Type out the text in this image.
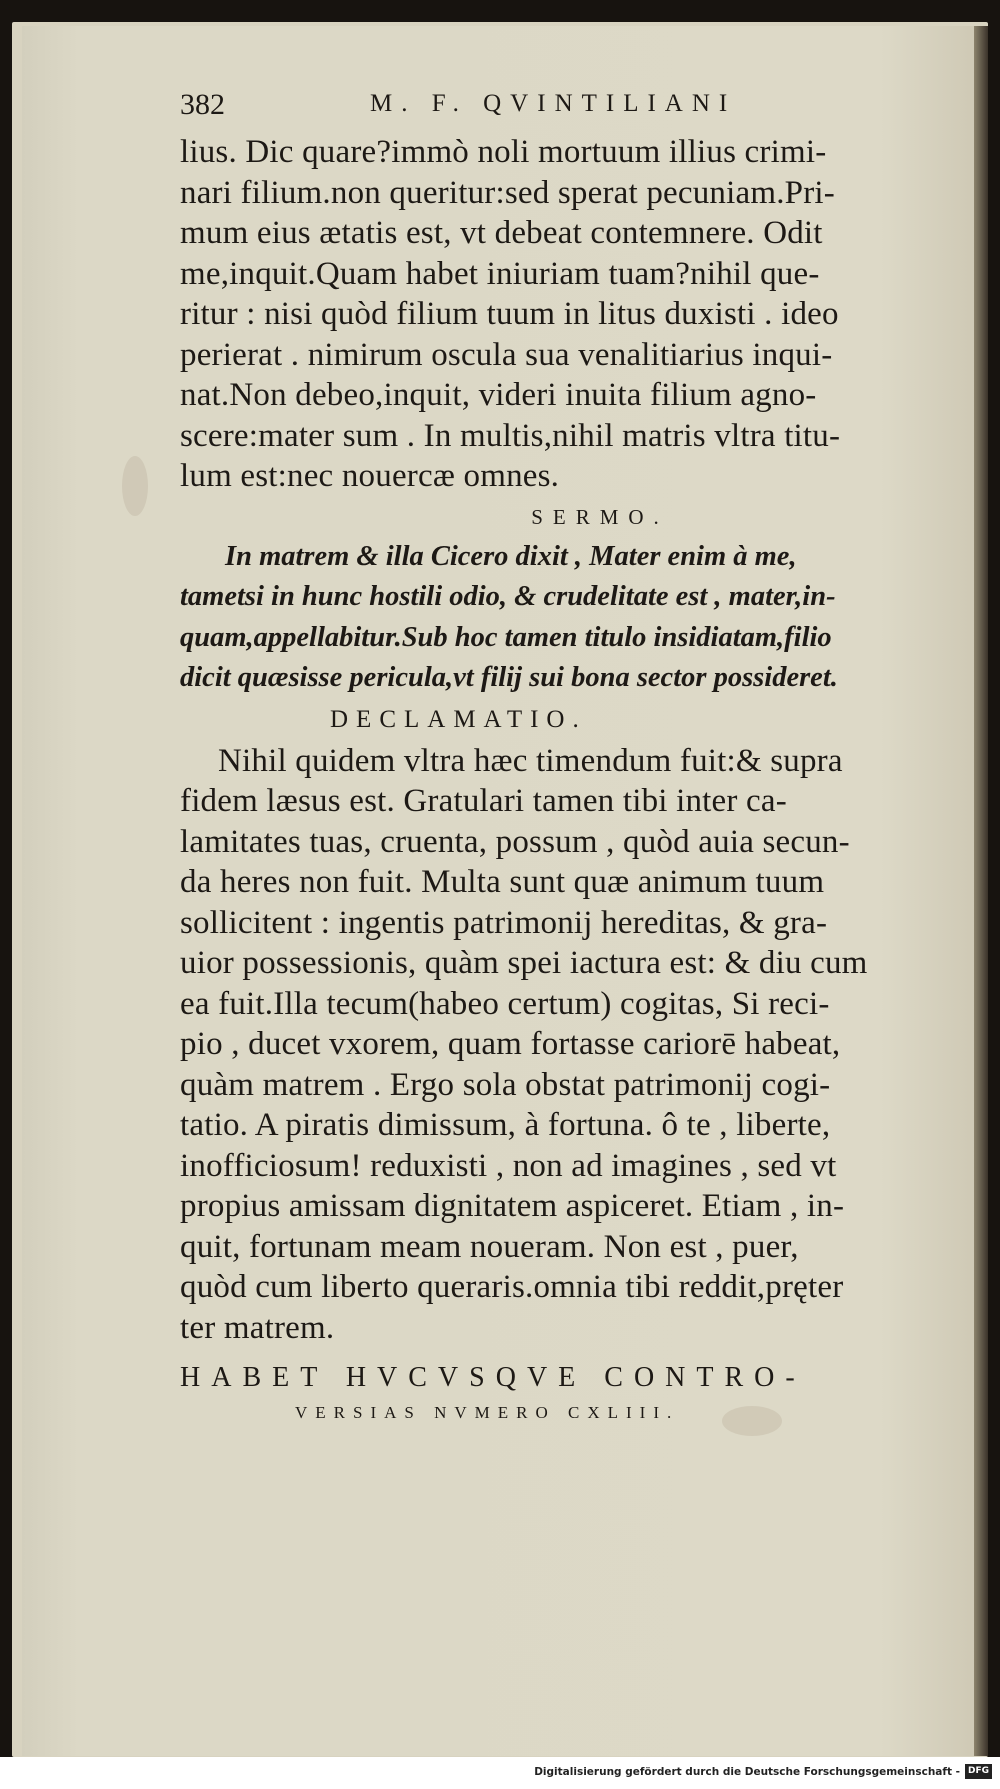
382	M. F. QVINTILIANI
lius. Dic quare?immò noli mortuum illius crimi-
nari filium.non queritur:sed sperat pecuniam.Pri-
mum eius ætatis est, vt debeat contemnere. Odit
me,inquit.Quam habet iniuriam tuam?nihil que-
ritur : nisi quòd filium tuum in litus duxisti . ideo
perierat . nimirum oscula sua venalitiarius inqui-
nat.Non debeo,inquit, videri inuita filium agno-
scere:mater sum . In multis,nihil matris vltra titu-
lum est:nec nouercæ omnes.
SERMO.
In matrem & illa Cicero dixit , Mater enim à me,
tametsi in hunc hostili odio, & crudelitate est , mater,in-
quam,appellabitur.Sub hoc tamen titulo insidiatam,filio
dicit quæsisse pericula,vt filij sui bona sector possideret.
DECLAMATIO.
Nihil quidem vltra hæc timendum fuit:& supra
fidem læsus est. Gratulari tamen tibi inter ca-
lamitates tuas, cruenta, possum , quòd auia secun-
da heres non fuit. Multa sunt quæ animum tuum
sollicitent : ingentis patrimonij hereditas, & gra-
uior possessionis, quàm spei iactura est: & diu cum
ea fuit.Illa tecum(habeo certum) cogitas, Si reci-
pio , ducet vxorem, quam fortasse cariorē habeat,
quàm matrem . Ergo sola obstat patrimonij cogi-
tatio. A piratis dimissum, à fortuna. ô te , liberte,
inofficiosum! reduxisti , non ad imagines , sed vt
propius amissam dignitatem aspiceret. Etiam , in-
quit, fortunam meam noueram. Non est , puer,
quòd cum liberto queraris.omnia tibi reddit,pręter
ter matrem.
HABET HVCVSQVE CONTRO-
VERSIAS NVMERO CXLIII.
Digitalisierung gefördert durch die Deutsche Forschungsgemeinschaft - DFG
